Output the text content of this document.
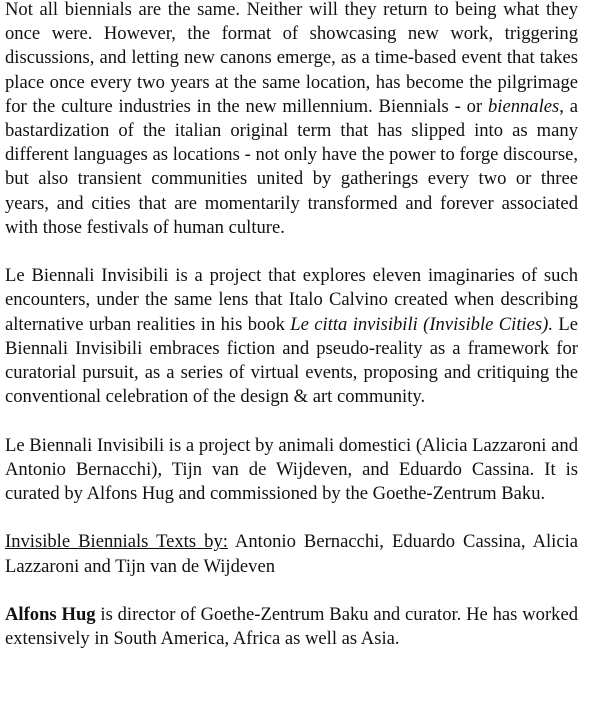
Not all biennials are the same. Neither will they return to being what they once were. However, the format of showcasing new work, triggering discussions, and letting new canons emerge, as a time-based event that takes place once every two years at the same location, has become the pilgrimage for the culture industries in the new millennium. Biennials - or biennales, a bastardization of the italian original term that has slipped into as many different languages as locations - not only have the power to forge discourse, but also transient communities united by gatherings every two or three years, and cities that are momentarily transformed and forever associated with those festivals of human culture.

Le Biennali Invisibili is a project that explores eleven imaginaries of such encounters, under the same lens that Italo Calvino created when describing alternative urban realities in his book Le citta invisibili (Invisible Cities). Le Biennali Invisibili embraces fiction and pseudo-reality as a framework for curatorial pursuit, as a series of virtual events, proposing and critiquing the conventional celebration of the design & art community.

Le Biennali Invisibili is a project by animali domestici (Alicia Lazzaroni and Antonio Bernacchi), Tijn van de Wijdeven, and Eduardo Cassina. It is curated by Alfons Hug and commissioned by the Goethe-Zentrum Baku.

Invisible Biennials Texts by: Antonio Bernacchi, Eduardo Cassina, Alicia Lazzaroni and Tijn van de Wijdeven

Alfons Hug is director of Goethe-Zentrum Baku and curator. He has worked extensively in South America, Africa as well as Asia.
